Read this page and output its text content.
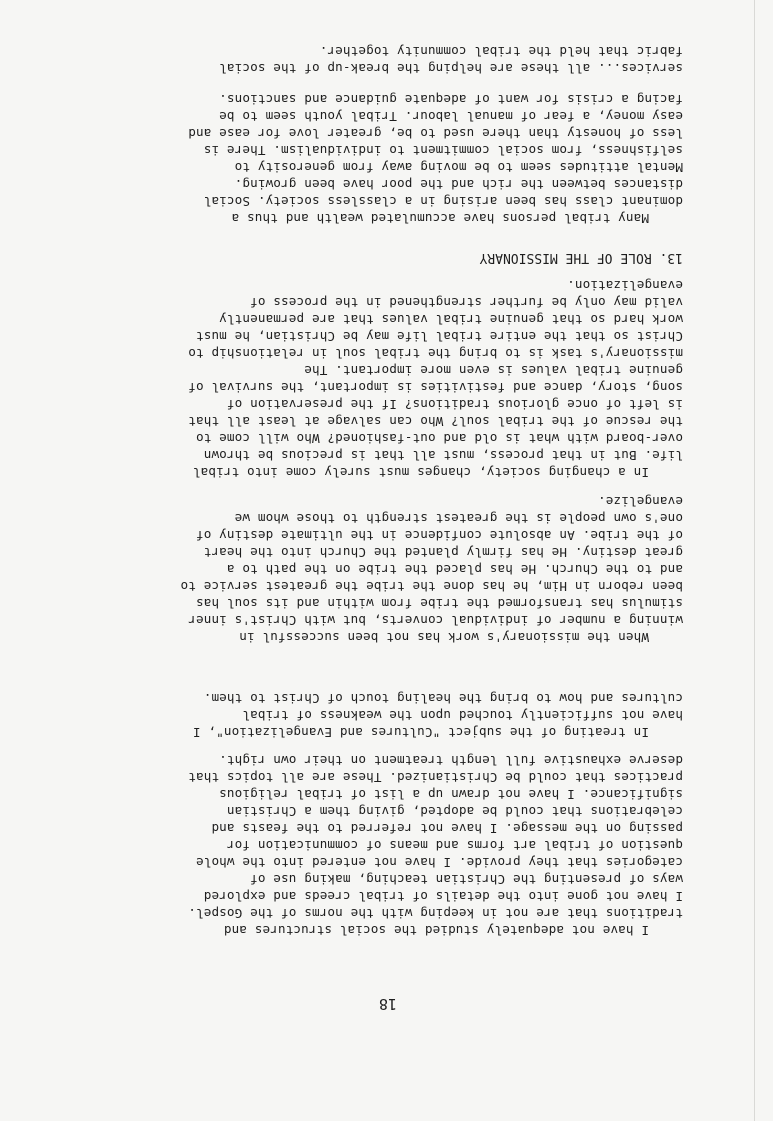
18
I have not adequately studied the social structures and
traditions that are not in keeping with the norms of the Gospel.
I have not gone into the details of tribal creeds and explored
ways of presenting the Christian teaching, making use of
categories that they provide. I have not entered into the whole
question of tribal art forms and means of communication for
passing on the message. I have not referred to the feasts and
celebrations that could be adopted, giving them a Christian
significance. I have not drawn up a list of tribal religious
practices that could be Christianized. These are all topics that
deserve exhaustive full length treatment on their own right.
In treating of the subject "Cultures and Evangelization", I
have not sufficiently touched upon the weakness of tribal
cultures and how to bring the healing touch of Christ to them.
When the missionary's work has not been successful in
winning a number of individual converts, but with Christ's inner
stimulus has transformed the tribe from within and its soul has
been reborn in Him, he has done the tribe the greatest service to
and to the Church. He has placed the tribe on the path to a
great destiny. He has firmly planted the Church into the heart
of the tribe. An absolute confidence in the ultimate destiny of
one's own people is the greatest strength to those whom we
evangelize.
In a changing society, changes must surely come into tribal
life. But in that process, must all that is precious be thrown
over-board with what is old and out-fashioned? Who will come to
the rescue of the tribal soul? Who can salvage at least all that
is left of once glorious traditions? If the preservation of
song, story, dance and festivities is important, the survival of
genuine tribal values is even more important. The
missionary's task is to bring the tribal soul in relationship to
Christ so that the entire tribal life may be Christian, he must
work hard so that genuine tribal values that are permanently
valid may only be further strengthened in the process of
evangelization.
13. ROLE OF THE MISSIONARY
Many tribal persons have accumulated wealth and thus a
dominant class has been arising in a classless society. Social
distances between the rich and the poor have been growing.
Mental attitudes seem to be moving away from generosity to
selfishness, from social commitment to individualism. There is
less of honesty than there used to be, greater love for ease and
easy money, a fear of manual labour. Tribal youth seem to be
facing a crisis for want of adequate guidance and sanctions.
services... all these are helping the break-up of the social
fabric that held the tribal community together.
